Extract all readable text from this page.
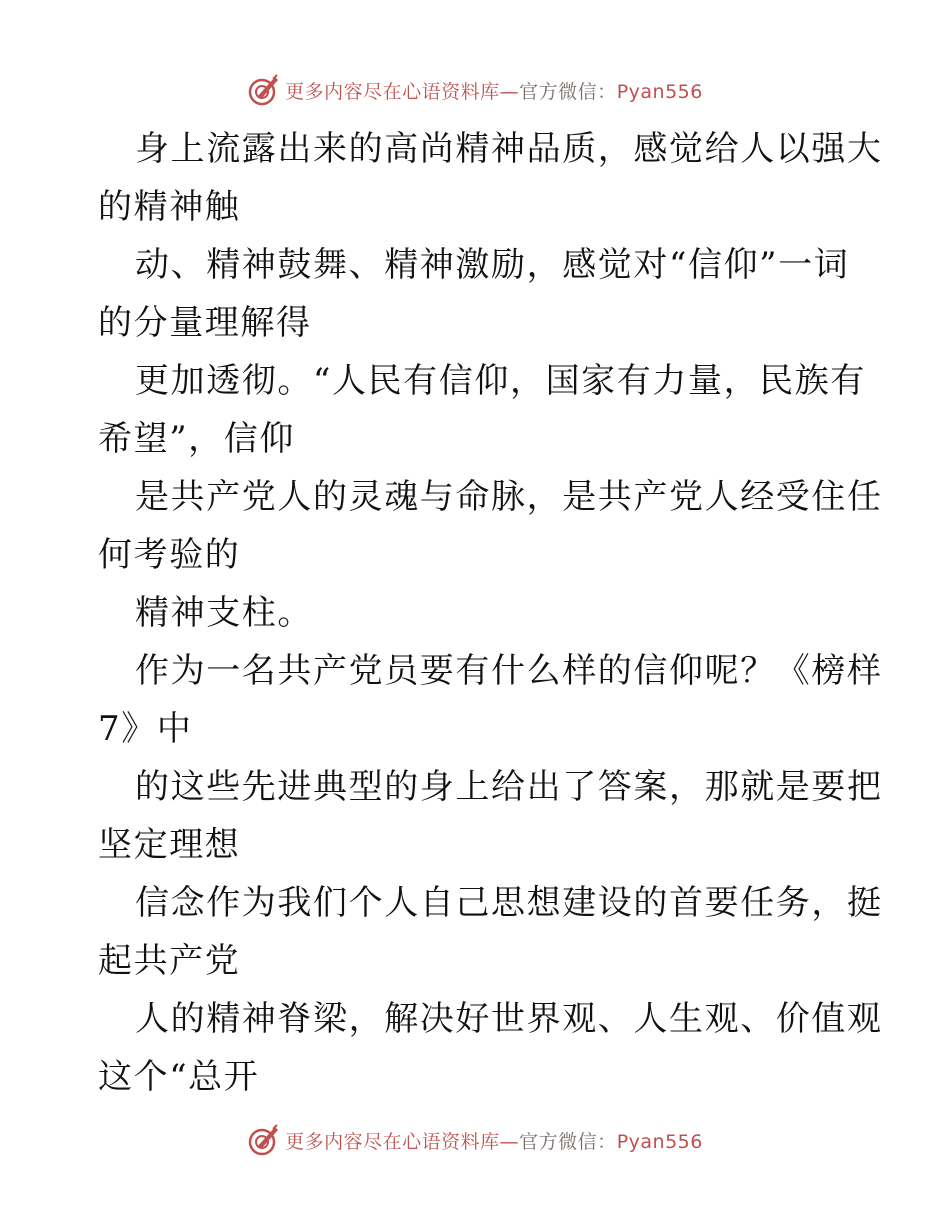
更多内容尽在心语资料库—官方微信：Pyan556
身上流露出来的高尚精神品质，感觉给人以强大
的精神触
动、精神鼓舞、精神激励，感觉对“信仰”一词
的分量理解得
更加透彻。“人民有信仰，国家有力量，民族有
希望”，信仰
是共产党人的灵魂与命脉，是共产党人经受住任
何考验的
精神支柱。
作为一名共产党员要有什么样的信仰呢？《榜样
7》中
的这些先进典型的身上给出了答案，那就是要把
坚定理想
信念作为我们个人自己思想建设的首要任务，挺
起共产党
人的精神脊梁，解决好世界观、人生观、价值观
这个“总开
更多内容尽在心语资料库—官方微信：Pyan556
